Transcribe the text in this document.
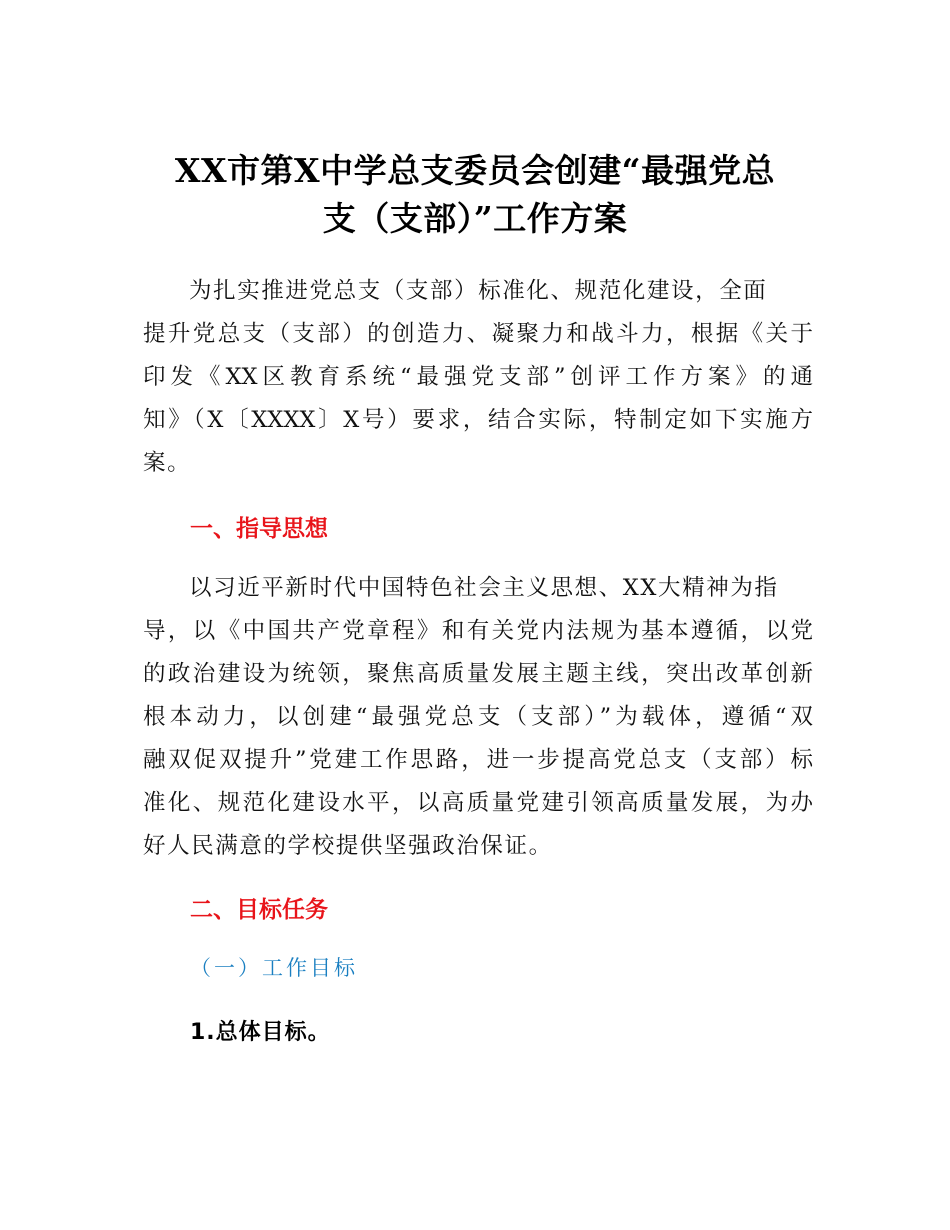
XX市第X中学总支委员会创建“最强党总
支（支部）”工作方案
为扎实推进党总支（支部）标准化、规范化建设，全面
提升党总支（支部）的创造力、凝聚力和战斗力，根据《关于
印发《XX区教育系统“最强党支部”创评工作方案》的通
知》（X〔XXXX〕X号）要求，结合实际，特制定如下实施方
案。
一、指导思想
以习近平新时代中国特色社会主义思想、XX大精神为指
导，以《中国共产党章程》和有关党内法规为基本遵循，以党
的政治建设为统领，聚焦高质量发展主题主线，突出改革创新
根本动力，以创建“最强党总支（支部）”为载体，遵循“双
融双促双提升”党建工作思路，进一步提高党总支（支部）标
准化、规范化建设水平，以高质量党建引领高质量发展，为办
好人民满意的学校提供坚强政治保证。
二、目标任务
（一）工作目标
1.总体目标。
